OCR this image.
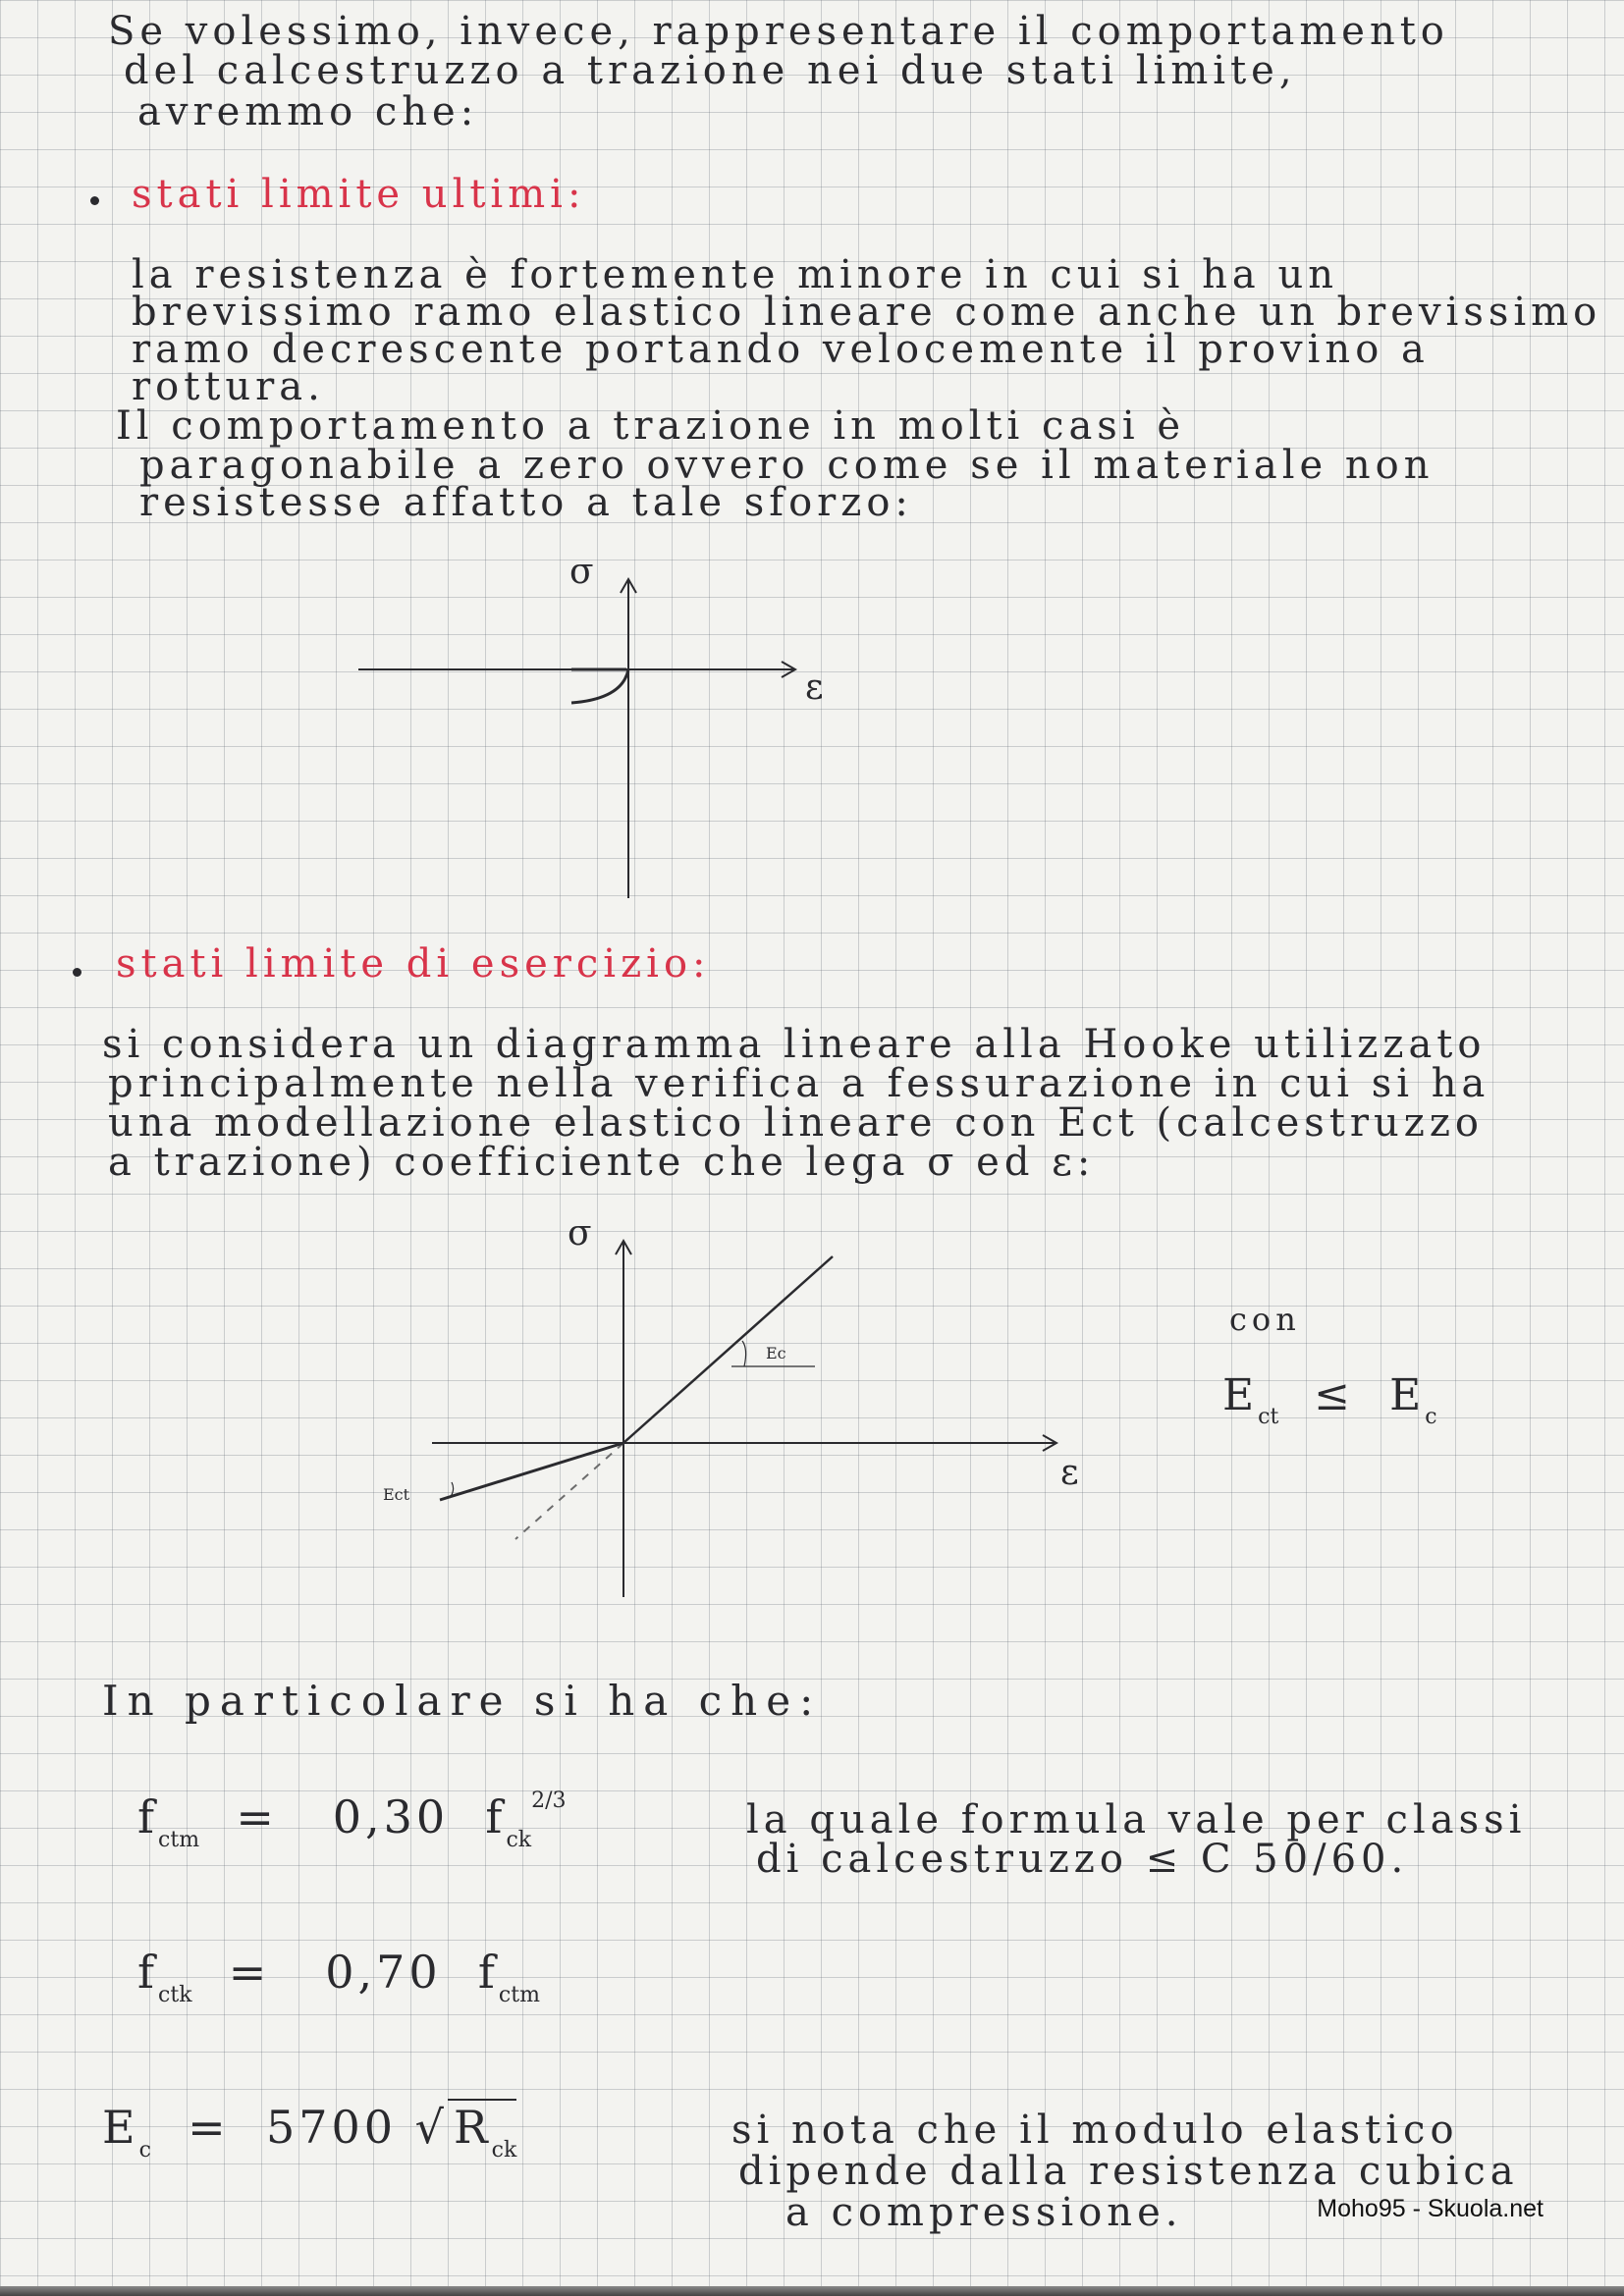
Se volessimo, invece, rappresentare il comportamento
del calcestruzzo a trazione nei due stati limite,
avremmo che:
stati limite ultimi:
la resistenza è fortemente minore in cui si ha un
brevissimo ramo elastico lineare come anche un brevissimo
ramo decrescente portando velocemente il provino a
rottura.
Il comportamento a trazione in molti casi è
paragonabile a zero ovvero come se il materiale non
resistesse affatto a tale sforzo:
σ
ε
stati limite di esercizio:
si considera un diagramma lineare alla Hooke utilizzato
principalmente nella verifica a fessurazione in cui si ha
una modellazione elastico lineare con Ect (calcestruzzo
a trazione) coefficiente che lega σ ed ε:
Ec
Ect
σ
ε
con
$E_{ct} \le E_c$
In particolare si ha che:
$f_{ctm} = 0,30$ $f_{ck}^{2/3}$	la quale formula vale per classi
di calcestruzzo ≤ C 50/60.
$f_{ctk} = 0,70$ $f_{ctm}$
$E_c = 5700$ √ $R_{ck}$	si nota che il modulo elastico
dipende dalla resistenza cubica
a compressione.	Moho95 - Skuola.net
